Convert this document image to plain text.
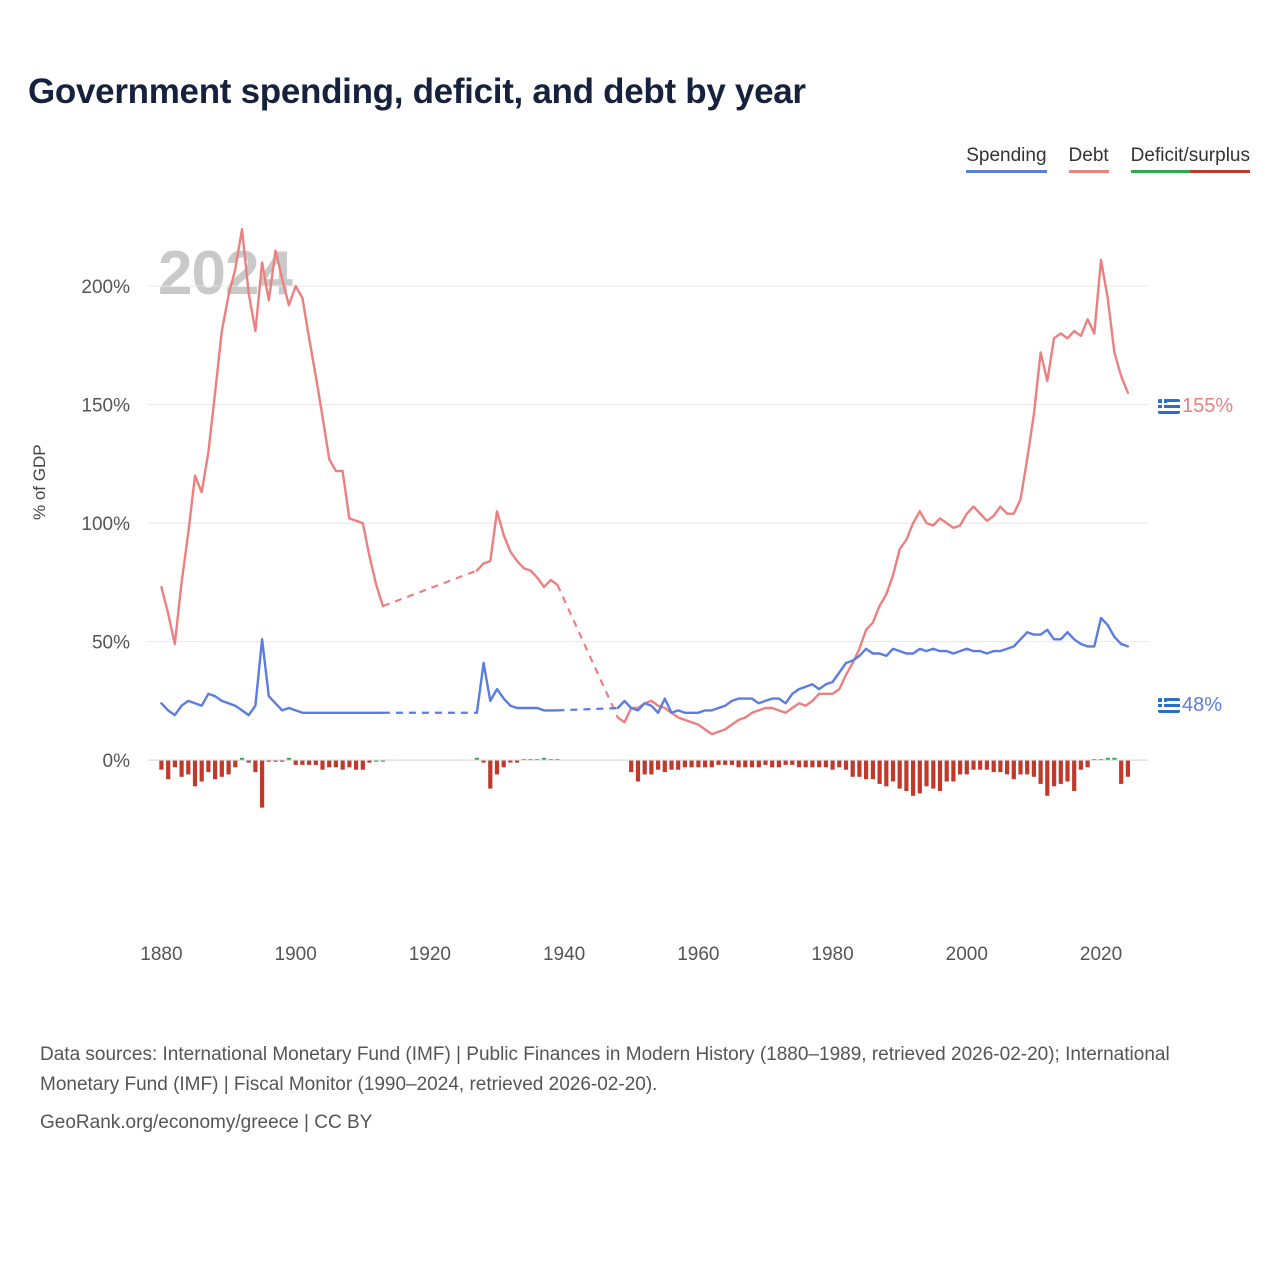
Government spending, deficit, and debt by year
Spending Debt Deficit/surplus
2024
% of GDP
0%
50%
100%
150%
200%
1880	1900	1920	1940	1960	1980	2000	2020
155%
48%
Data sources: International Monetary Fund (IMF) | Public Finances in Modern History (1880–1989, retrieved 2026-02-20); International Monetary Fund (IMF) | Fiscal Monitor (1990–2024, retrieved 2026-02-20).
GeoRank.org/economy/greece | CC BY
